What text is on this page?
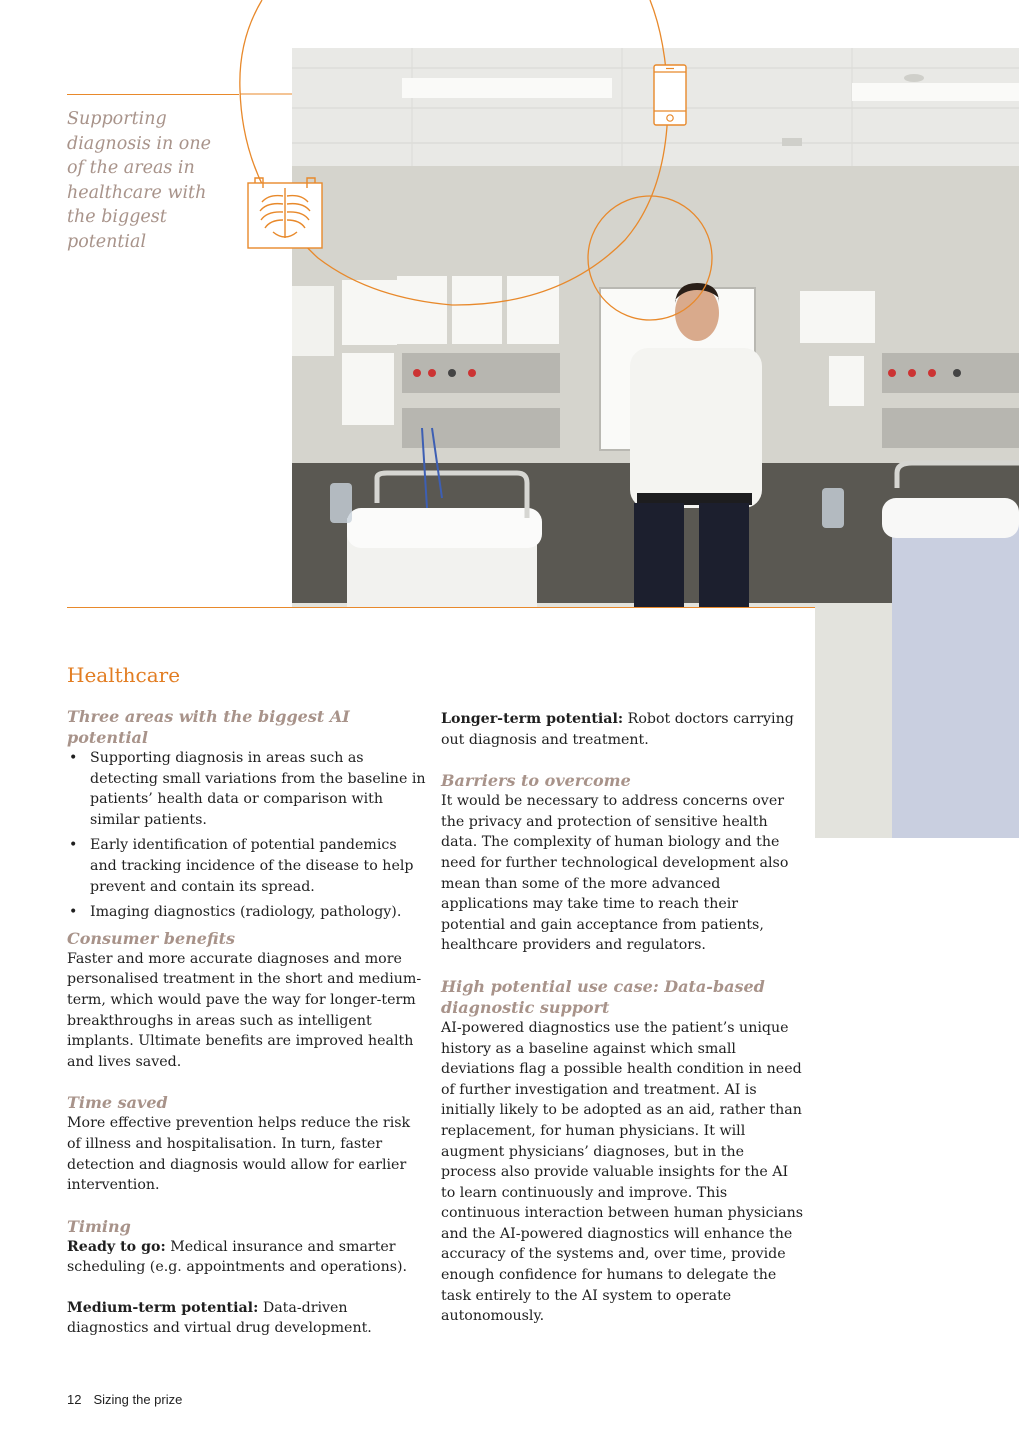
Supporting diagnosis in one of the areas in healthcare with the biggest potential
Healthcare
Three areas with the biggest AI potential
• Supporting diagnosis in areas such as detecting small variations from the baseline in patients’ health data or comparison with similar patients.
• Early identification of potential pandemics and tracking incidence of the disease to help prevent and contain its spread.
• Imaging diagnostics (radiology, pathology).
Consumer benefits

Faster and more accurate diagnoses and more personalised treatment in the short and medium-term, which would pave the way for longer-term breakthroughs in areas such as intelligent implants. Ultimate benefits are improved health and lives saved.

Time saved

More effective prevention helps reduce the risk of illness and hospitalisation. In turn, faster detection and diagnosis would allow for earlier intervention.

Timing

Ready to go: Medical insurance and smarter scheduling (e.g. appointments and operations).

Medium-term potential: Data-driven diagnostics and virtual drug development.

Longer-term potential: Robot doctors carrying out diagnosis and treatment.

Barriers to overcome

It would be necessary to address concerns over the privacy and protection of sensitive health data. The complexity of human biology and the need for further technological development also mean than some of the more advanced applications may take time to reach their potential and gain acceptance from patients, healthcare providers and regulators.

High potential use case: Data-based diagnostic support

AI-powered diagnostics use the patient’s unique history as a baseline against which small deviations flag a possible health condition in need of further investigation and treatment. AI is initially likely to be adopted as an aid, rather than replacement, for human physicians. It will augment physicians’ diagnoses, but in the process also provide valuable insights for the AI to learn continuously and improve. This continuous interaction between human physicians and the AI-powered diagnostics will enhance the accuracy of the systems and, over time, provide enough confidence for humans to delegate the task entirely to the AI system to operate autonomously.

12 Sizing the prize
